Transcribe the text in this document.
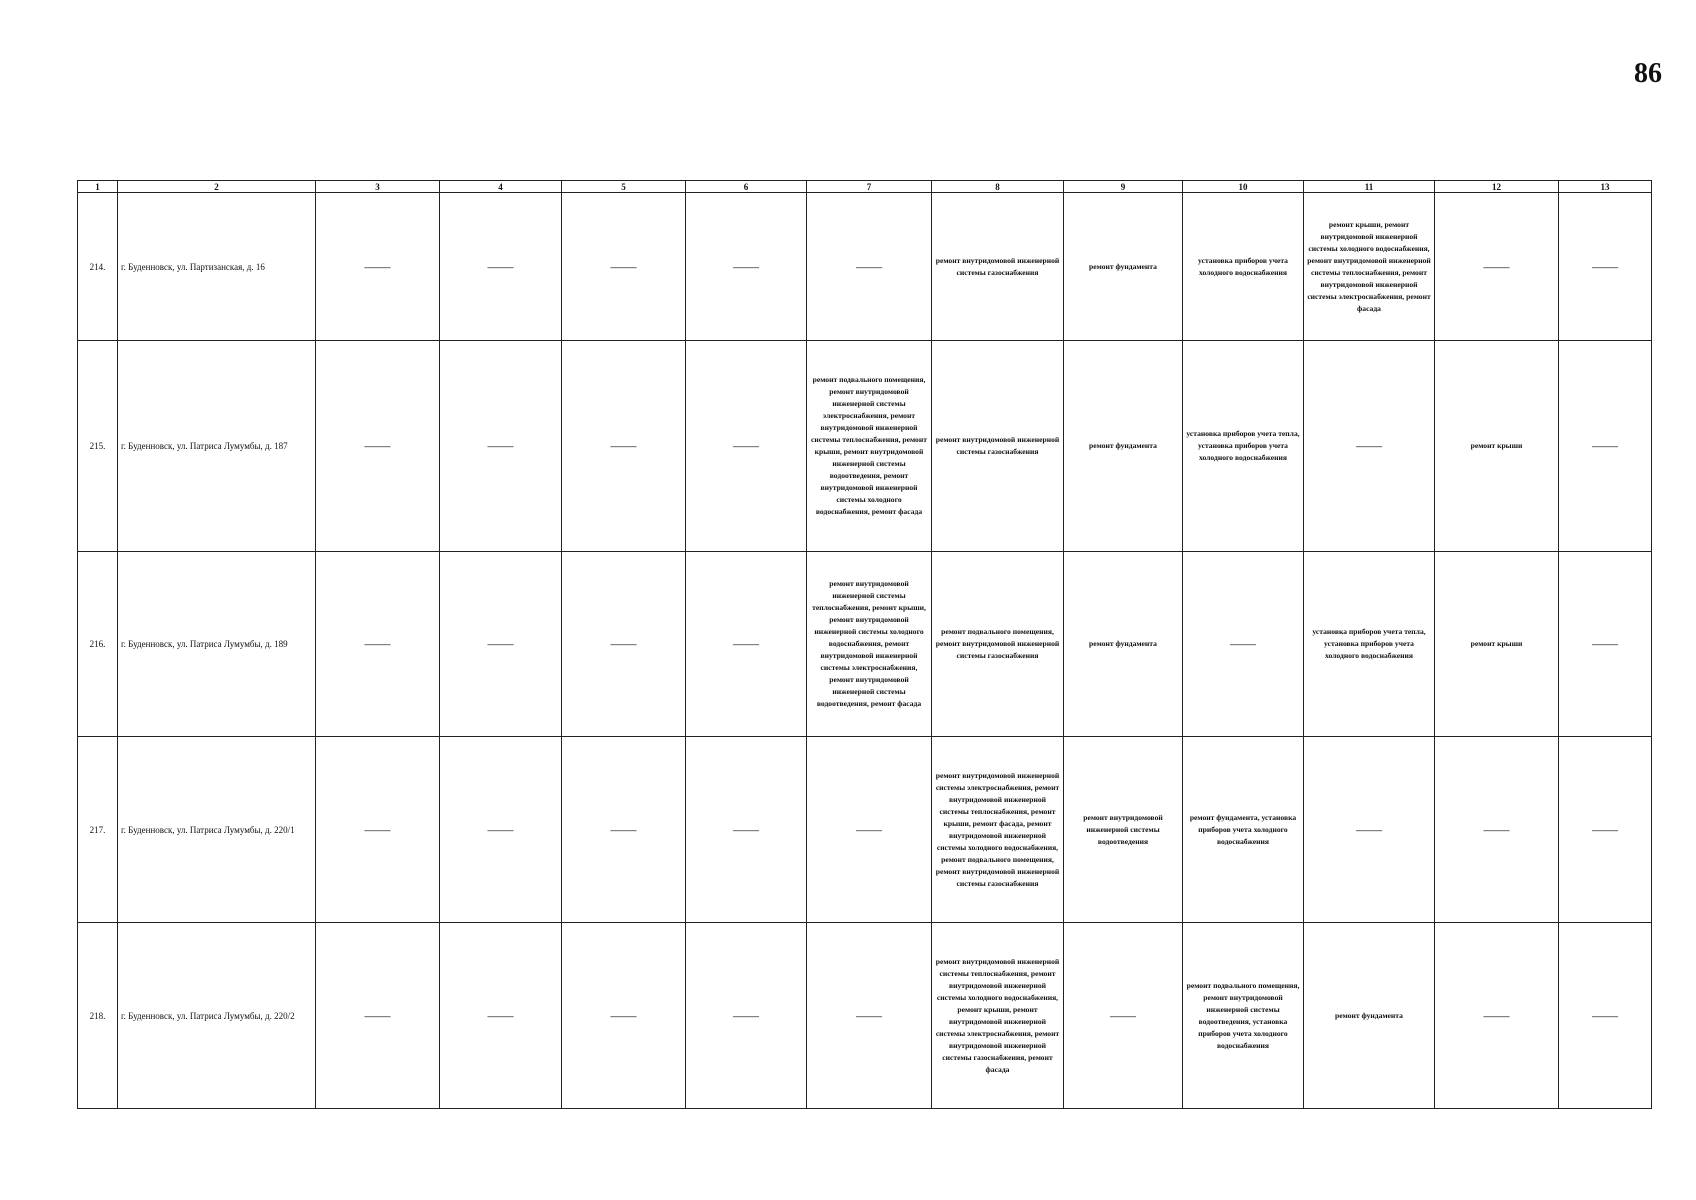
86
1	2	3	4	5	6	7	8	9	10	11	12	13
214.	г. Буденновск, ул. Партизанская, д. 16	——	——	——	——	——	ремонт внутридомовой инженерной системы газоснабжения	ремонт фундамента	установка приборов учета холодного водоснабжения	ремонт крыши, ремонт внутридомовой инженерной системы холодного водоснабжения, ремонт внутридомовой инженерной системы теплоснабжения, ремонт внутридомовой инженерной системы электроснабжения, ремонт фасада	——	——
215.	г. Буденновск, ул. Патриса Лумумбы, д. 187	——	——	——	——	ремонт подвального помещения, ремонт внутридомовой инженерной системы электроснабжения, ремонт внутридомовой инженерной системы теплоснабжения, ремонт крыши, ремонт внутридомовой инженерной системы водоотведения, ремонт внутридомовой инженерной системы холодного водоснабжения, ремонт фасада	ремонт внутридомовой инженерной системы газоснабжения	ремонт фундамента	установка приборов учета тепла, установка приборов учета холодного водоснабжения	——	ремонт крыши	——
216.	г. Буденновск, ул. Патриса Лумумбы, д. 189	——	——	——	——	ремонт внутридомовой инженерной системы теплоснабжения, ремонт крыши, ремонт внутридомовой инженерной системы холодного водоснабжения, ремонт внутридомовой инженерной системы электроснабжения, ремонт внутридомовой инженерной системы водоотведения, ремонт фасада	ремонт подвального помещения, ремонт внутридомовой инженерной системы газоснабжения	ремонт фундамента	——	установка приборов учета тепла, установка приборов учета холодного водоснабжения	ремонт крыши	——
217.	г. Буденновск, ул. Патриса Лумумбы, д. 220/1	——	——	——	——	——	ремонт внутридомовой инженерной системы электроснабжения, ремонт внутридомовой инженерной системы теплоснабжения, ремонт крыши, ремонт фасада, ремонт внутридомовой инженерной системы холодного водоснабжения, ремонт подвального помещения, ремонт внутридомовой инженерной системы газоснабжения	ремонт внутридомовой инженерной системы водоотведения	ремонт фундамента, установка приборов учета холодного водоснабжения	——	——	——
218.	г. Буденновск, ул. Патриса Лумумбы, д. 220/2	——	——	——	——	——	ремонт внутридомовой инженерной системы теплоснабжения, ремонт внутридомовой инженерной системы холодного водоснабжения, ремонт крыши, ремонт внутридомовой инженерной системы электроснабжения, ремонт внутридомовой инженерной системы газоснабжения, ремонт фасада	——	ремонт подвального помещения, ремонт внутридомовой инженерной системы водоотведения, установка приборов учета холодного водоснабжения	ремонт фундамента	——	——
